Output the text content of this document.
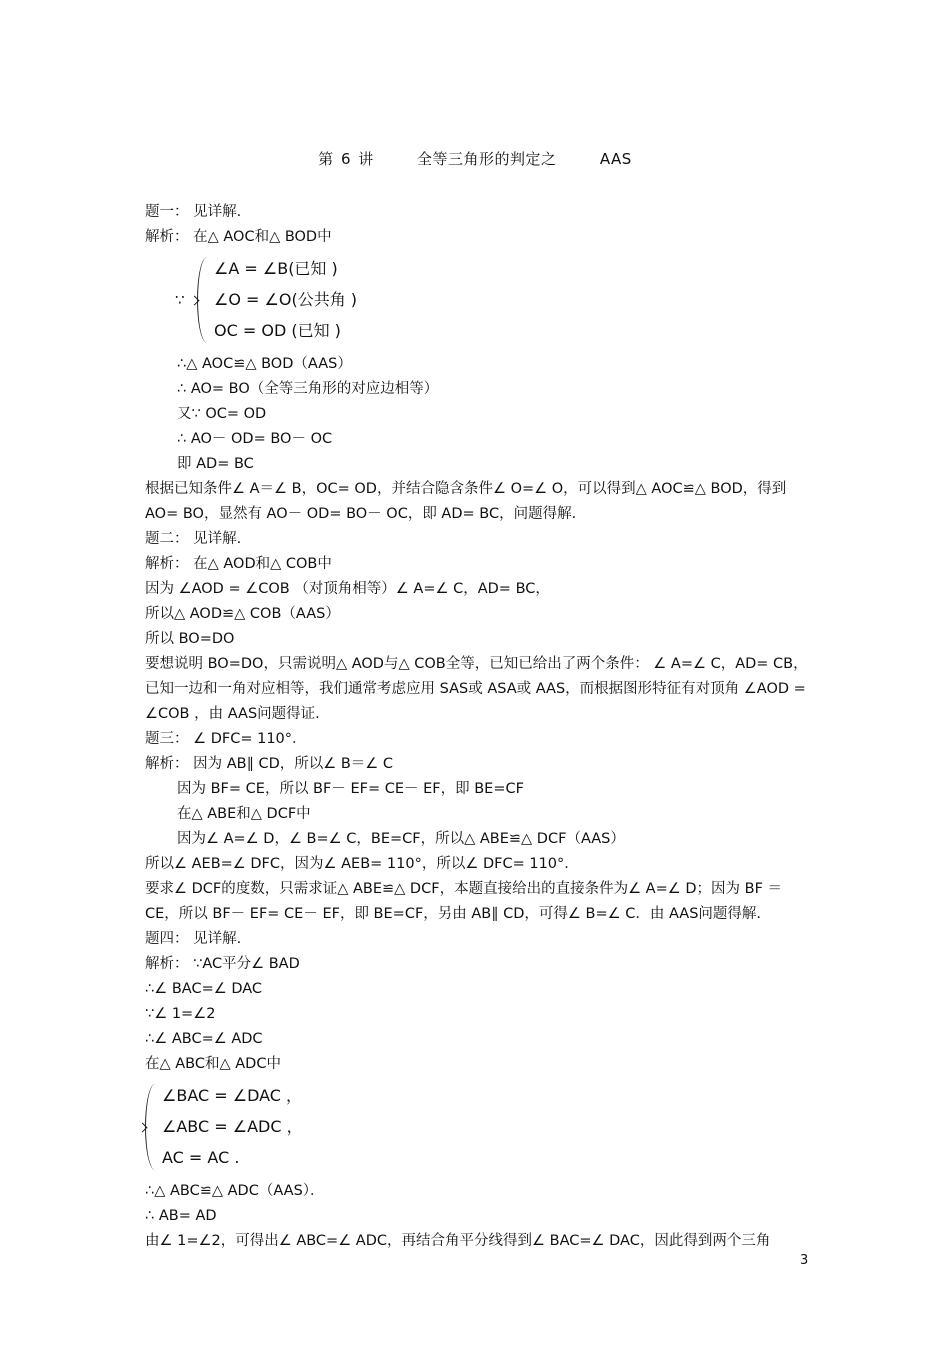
第 6 讲	全等三角形的判定之	AAS
题一： 见详解.
解析： 在△ AOC和△ BOD中
∵
∠A = ∠B(已知 )
∠O = ∠O(公共角 )
OC = OD (已知 )
∴△ AOC≌△ BOD（AAS）
∴ AO= BO（全等三角形的对应边相等）
又∵ OC= OD
∴ AO－ OD= BO－ OC
即 AD= BC
根据已知条件∠ A＝∠ B，OC= OD，并结合隐含条件∠ O=∠ O，可以得到△ AOC≌△ BOD，得到 AO= BO，显然有 AO－ OD= BO－ OC，即 AD= BC，问题得解.
题二： 见详解.
解析： 在△ AOD和△ COB中
因为 ∠AOD = ∠COB （对顶角相等）∠ A=∠ C，AD= BC，
所以△ AOD≌△ COB（AAS）
所以 BO=DO
要想说明 BO=DO，只需说明△ AOD与△ COB全等，已知已给出了两个条件： ∠ A=∠ C，AD= CB，已知一边和一角对应相等，我们通常考虑应用 SAS或 ASA或 AAS，而根据图形特征有对顶角 ∠AOD = ∠COB ，由 AAS问题得证.
题三： ∠ DFC= 110°．
解析： 因为 AB∥ CD，所以∠ B＝∠ C
因为 BF= CE，所以 BF－ EF= CE－ EF，即 BE=CF
在△ ABE和△ DCF中
因为∠ A=∠ D，∠ B=∠ C，BE=CF，所以△ ABE≌△ DCF（AAS）
所以∠ AEB=∠ DFC，因为∠ AEB= 110°，所以∠ DFC= 110°．
要求∠ DCF的度数，只需求证△ ABE≌△ DCF，本题直接给出的直接条件为∠ A=∠ D；因为 BF ＝CE，所以 BF－ EF= CE－ EF，即 BE=CF，另由 AB∥ CD，可得∠ B=∠ C．由 AAS问题得解.
题四： 见详解.
解析： ∵AC平分∠ BAD
∴∠ BAC=∠ DAC
∵∠ 1=∠2
∴∠ ABC=∠ ADC
在△ ABC和△ ADC中
∠BAC = ∠DAC ，
∠ABC = ∠ADC ，
AC = AC .
∴△ ABC≌△ ADC（AAS）．
∴ AB= AD
由∠ 1=∠2，可得出∠ ABC=∠ ADC，再结合角平分线得到∠ BAC=∠ DAC，因此得到两个三角
3
